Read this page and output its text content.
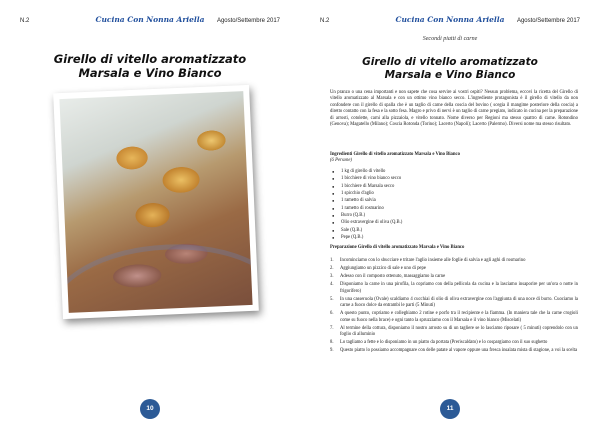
N.2	Cucina Con Nonna Ariella	Agosto/Settembre 2017
Girello di vitello aromatizzato
Marsala e Vino Bianco
10
N.2	Cucina Con Nonna Ariella	Agosto/Settembre 2017
Secondi piatti di carne
Girello di vitello aromatizzato
Marsala e Vino Bianco

Un pranzo o una cena importanti e non sapete che cosa servire ai vostri ospiti? Nessun problema, eccovi la ricetta del Girello di vitello aromatizzato al Marsala e con un ottimo vino bianco secco. L'ingrediente protagonista è il girello di vitello da non confondere con il girello di spalla che è un taglio di carne della coscia del bovino ( scegia il mangime posteriore della coscia) a diretto contatto con la fesa e la sotto fesa. Magro e privo di nervi è un taglio di carne pregiato, indicato in cucina per la preparazione di arrosti, cotolette, carni alla pizzaiola, e vitello tonnato. Nome diverso per Regioni ma stesso quattro di carne. Rotondino (Genova); Magatello (Milano); Coscia Rotonda (Torino); Lacerto (Napoli); Lacerto (Palermo). Diversi nome ma stesso risultato.

Ingredienti Girello di vitello aromatizzato Marsala e Vino Bianco
(6 Persone)
● 1 kg di girello di vitello
● 1 bicchiere di vino bianco secco
● 1 bicchiere di Marsala secco
● 1 spicchio d'aglio
● 1 rametto di salvia
● 1 rametto di rosmarino
● Burro (Q.B.)
● Olio extravergine di oliva (Q.B.)
● Sale (Q.B.)
● Pepe (Q.B.)
Preparazione Girello di vitello aromatizzato Marsala e Vino Bianco
1. Incominciamo con lo sbucciare e tritare l'aglio insieme alle foglie di salvia e agli aghi di rosmarino
2. Aggiungiamo un pizzico di sale e uno di pepe
3. Adesso con il composto ottenuto, massaggiamo la carne
4. Disponiamo la carne in una pirofila, la copriamo con della pellicola da cucina e la lasciamo insaporire per un'ora o notte in frigorifero)
5. In una casseruola (Ovale) scaldiamo 4 cucchiai di olio di oliva extravergine con l'aggiunta di una noce di burro. Cuociamo la carne a fuoco dolce da entrambi le parti (5 Minuti)
6. A questo punto, copriamo e colleghiamo 2 rotine e porfo tra il recipiente e la fiamma. (In maniera tale che la carne crogioli come su fuoco nella brace) e ogni tanto la spruzziamo con il Marsala e il vino bianco (Miscelati)
7. Al termine della cottura, disponiamo il nostro arrosto su di un tagliere se lo lasciamo riposare ( 5 minuti) coprendolo con un foglio di alluminio
8. Lo tagliamo a fette e lo disponiamo in un piatto da portata (Preriscaldato) e lo cospargiamo con il suo sughetto
9. Questo piatto lo possiamo accompagnare con delle patate al vapore oppure una fresca insalata mista di stagione, a voi la scelta
11
